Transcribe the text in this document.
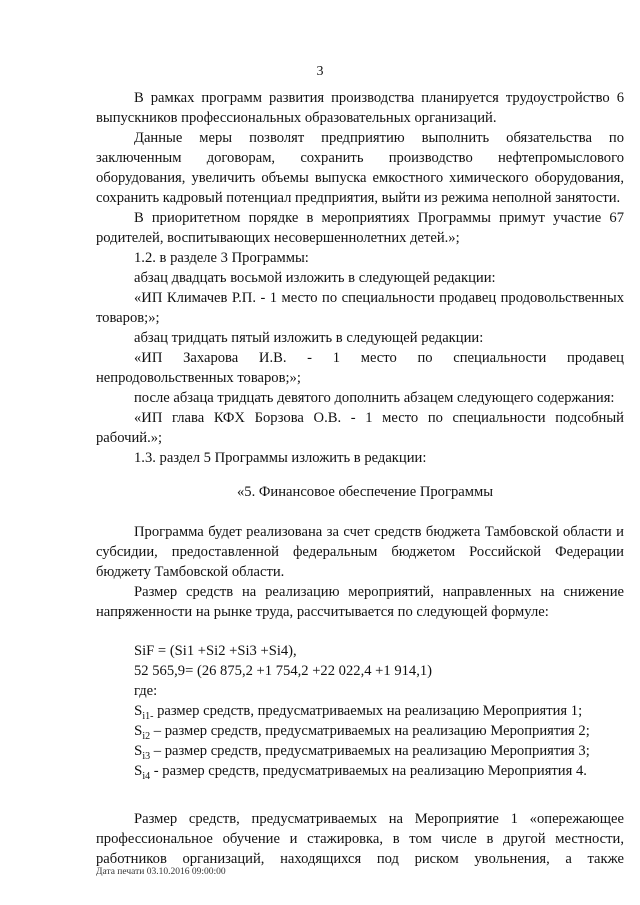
3

В рамках программ развития производства планируется трудоустройство 6 выпускников профессиональных образовательных организаций.

Данные меры позволят предприятию выполнить обязательства по заключенным договорам, сохранить производство нефтепромыслового оборудования, увеличить объемы выпуска емкостного химического оборудования, сохранить кадровый потенциал предприятия, выйти из режима неполной занятости.

В приоритетном порядке в мероприятиях Программы примут участие 67 родителей, воспитывающих несовершеннолетних детей.»;

1.2. в разделе 3 Программы:

абзац двадцать восьмой изложить в следующей редакции:

«ИП Климачев Р.П. - 1 место по специальности продавец продовольственных товаров;»;

абзац тридцать пятый изложить в следующей редакции:

«ИП Захарова И.В. - 1 место по специальности продавец непродовольственных товаров;»;

после абзаца тридцать девятого дополнить абзацем следующего содержания:

«ИП глава КФХ Борзова О.В. - 1 место по специальности подсобный рабочий.»;

1.3. раздел 5 Программы изложить в редакции:

«5. Финансовое обеспечение Программы

Программа будет реализована за счет средств бюджета Тамбовской области и субсидии, предоставленной федеральным бюджетом Российской Федерации бюджету Тамбовской области.

Размер средств на реализацию мероприятий, направленных на снижение напряженности на рынке труда, рассчитывается по следующей формуле:

SiF = (Si1 +Si2 +Si3 +Si4),

52 565,9= (26 875,2 +1 754,2 +22 022,4 +1 914,1)

где:

$S_{i1-}$ размер средств, предусматриваемых на реализацию Мероприятия 1;

$S_{i2}$ – размер средств, предусматриваемых на реализацию Мероприятия 2;

$S_{i3}$ – размер средств, предусматриваемых на реализацию Мероприятия 3;

$S_{i4}$ - размер средств, предусматриваемых на реализацию Мероприятия 4.

Размер средств, предусматриваемых на Мероприятие 1 «опережающее профессиональное обучение и стажировка, в том числе в другой местности, работников организаций, находящихся под риском увольнения, а также

Дата печати 03.10.2016 09:00:00
